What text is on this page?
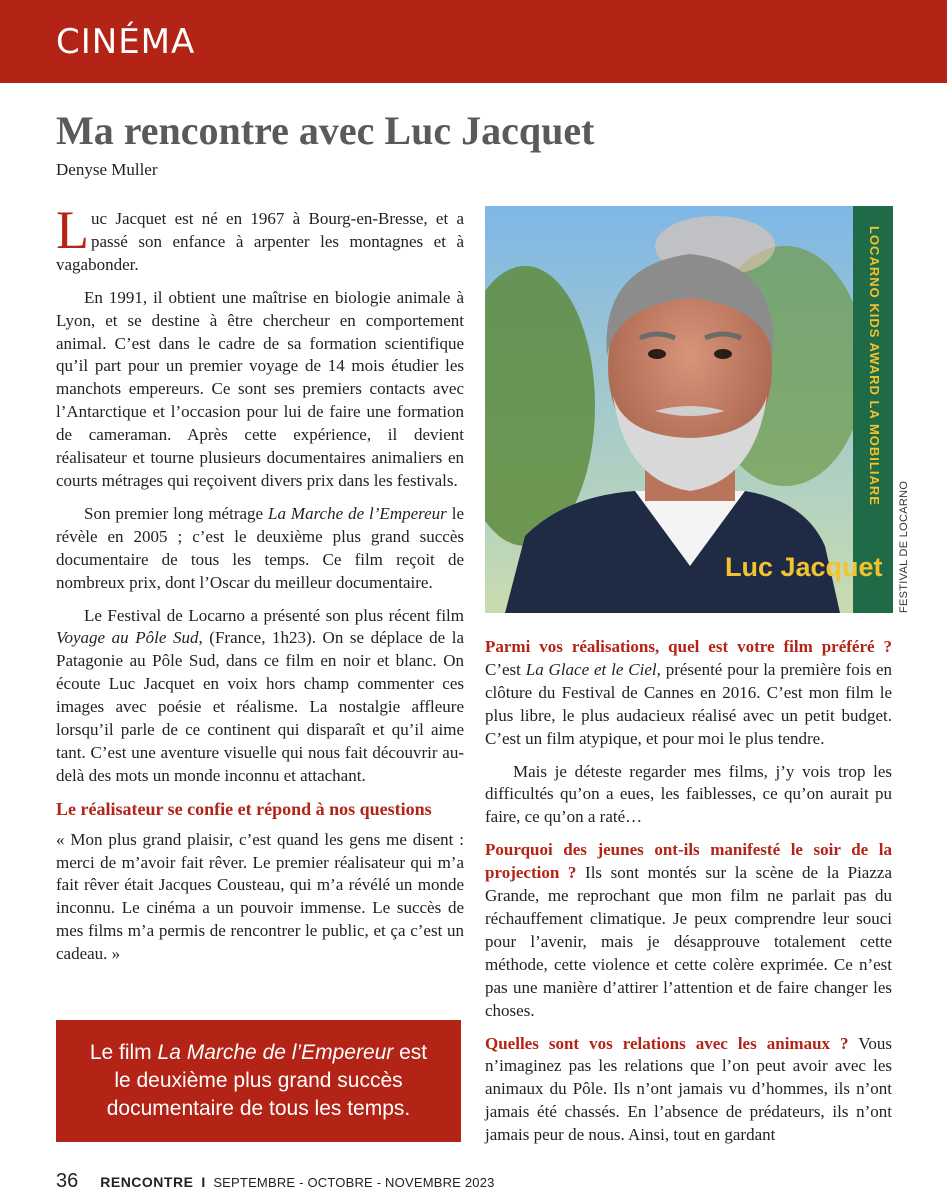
CINÉMA
Ma rencontre avec Luc Jacquet
Denyse Muller

Luc Jacquet est né en 1967 à Bourg-en-Bresse, et a passé son enfance à arpenter les montagnes et à vagabonder.

En 1991, il obtient une maîtrise en biologie animale à Lyon, et se destine à être chercheur en comportement animal. C’est dans le cadre de sa formation scientifique qu’il part pour un premier voyage de 14 mois étudier les manchots empereurs. Ce sont ses premiers contacts avec l’Antarctique et l’occasion pour lui de faire une formation de cameraman. Après cette expérience, il devient réalisateur et tourne plusieurs documentaires animaliers en courts métrages qui reçoivent divers prix dans les festivals.

Son premier long métrage La Marche de l’Empereur le révèle en 2005 ; c’est le deuxième plus grand succès documentaire de tous les temps. Ce film reçoit de nombreux prix, dont l’Oscar du meilleur documentaire.

Le Festival de Locarno a présenté son plus récent film Voyage au Pôle Sud, (France, 1h23). On se déplace de la Patagonie au Pôle Sud, dans ce film en noir et blanc. On écoute Luc Jacquet en voix hors champ commenter ces images avec poésie et réalisme. La nostalgie affleure lorsqu’il parle de ce continent qui disparaît et qu’il aime tant. C’est une aventure visuelle qui nous fait découvrir au-delà des mots un monde inconnu et attachant.

Le réalisateur se confie et répond à nos questions

« Mon plus grand plaisir, c’est quand les gens me disent : merci de m’avoir fait rêver. Le premier réalisateur qui m’a fait rêver était Jacques Cousteau, qui m’a révélé un monde inconnu. Le cinéma a un pouvoir immense. Le succès de mes films m’a permis de rencontrer le public, et ça c’est un cadeau. »

Le film La Marche de l’Empereur est le deuxième plus grand succès documentaire de tous les temps.
LOCARNO KIDS AWARD LA MOBILIARE
Luc Jacquet FESTIVAL DE LOCARNO

Parmi vos réalisations, quel est votre film préféré ? C’est La Glace et le Ciel, présenté pour la première fois en clôture du Festival de Cannes en 2016. C’est mon film le plus libre, le plus audacieux réalisé avec un petit budget. C’est un film atypique, et pour moi le plus tendre.

Mais je déteste regarder mes films, j’y vois trop les difficultés qu’on a eues, les faiblesses, ce qu’on aurait pu faire, ce qu’on a raté…

Pourquoi des jeunes ont-ils manifesté le soir de la projection ? Ils sont montés sur la scène de la Piazza Grande, me reprochant que mon film ne parlait pas du réchauffement climatique. Je peux comprendre leur souci pour l’avenir, mais je désapprouve totalement cette méthode, cette violence et cette colère exprimée. Ce n’est pas une manière d’attirer l’attention et de faire changer les choses.

Quelles sont vos relations avec les animaux ? Vous n’imaginez pas les relations que l’on peut avoir avec les animaux du Pôle. Ils n’ont jamais vu d’hommes, ils n’ont jamais été chassés. En l’absence de prédateurs, ils n’ont jamais peur de nous. Ainsi, tout en gardant

36 RENCONTRE I SEPTEMBRE - OCTOBRE - NOVEMBRE 2023
